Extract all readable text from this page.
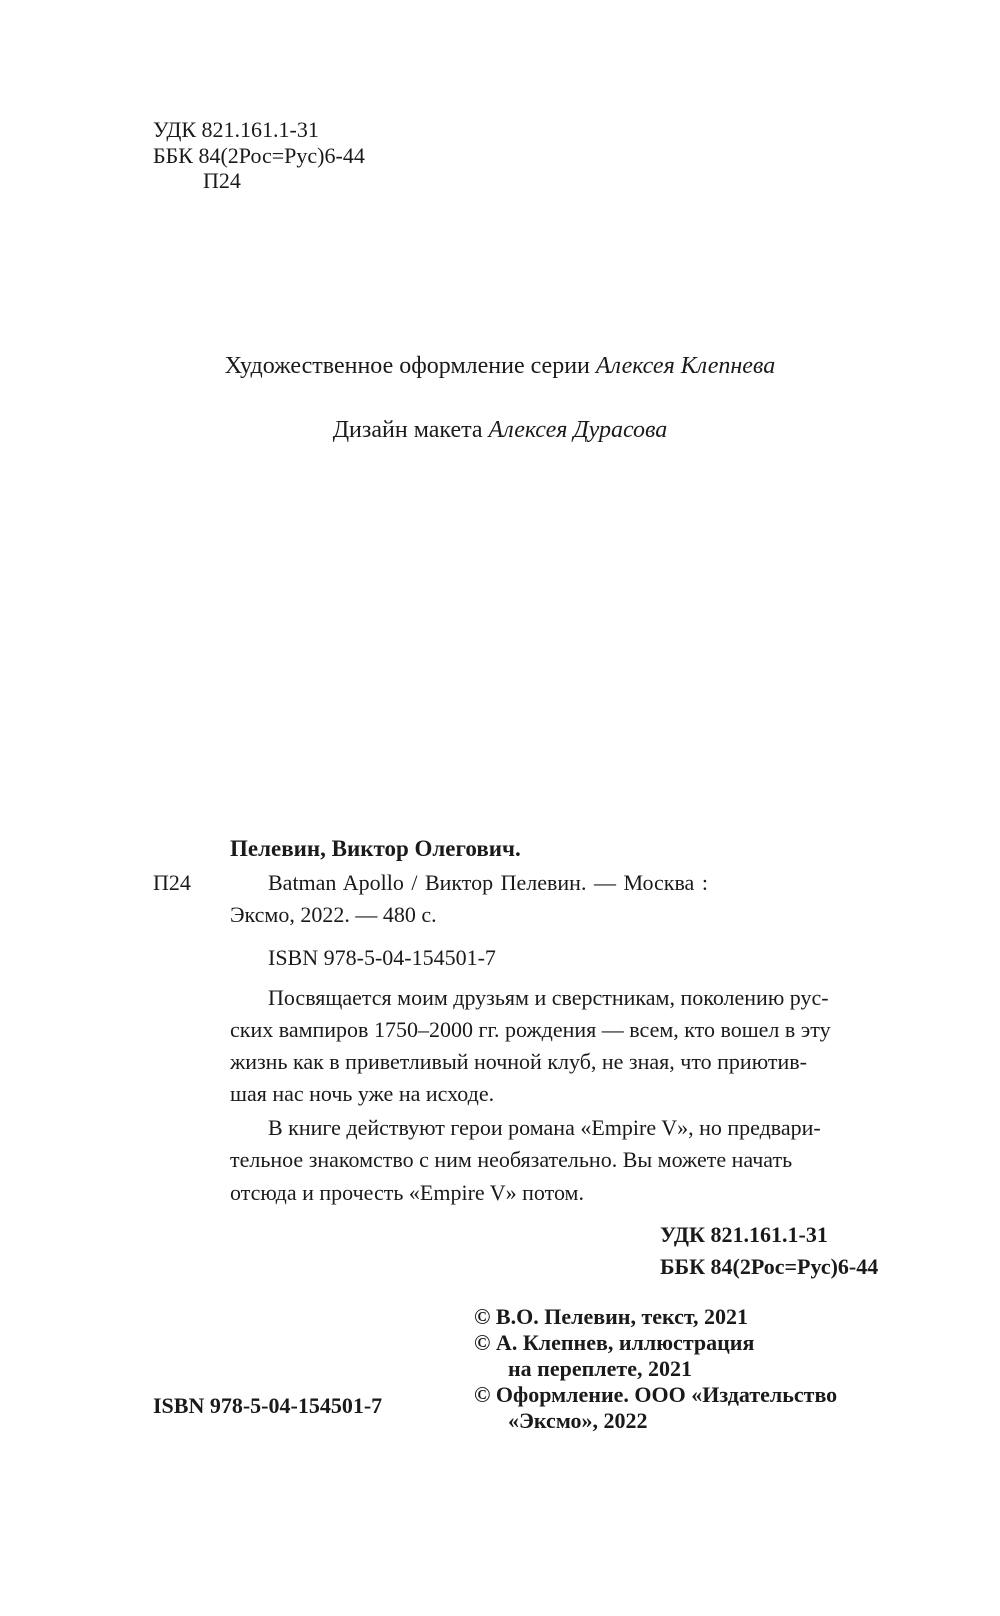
УДК 821.161.1-31
ББК 84(2Рос=Рус)6-44
П24
Художественное оформление серии Алексея Клепнева
Дизайн макета Алексея Дурасова
Пелевин, Виктор Олегович.
П24	Batman Apollo / Виктор Пелевин. — Москва :
Эксмо, 2022. — 480 с.
ISBN 978-5-04-154501-7
Посвящается моим друзьям и сверстникам, поколению рус-
ских вампиров 1750–2000 гг. рождения — всем, кто вошел в эту
жизнь как в приветливый ночной клуб, не зная, что приютив-
шая нас ночь уже на исходе.
В книге действуют герои романа «Empire V», но предвари-
тельное знакомство с ним необязательно. Вы можете начать
отсюда и прочесть «Empire V» потом.
УДК 821.161.1-31
ББК 84(2Рос=Рус)6-44
ISBN 978-5-04-154501-7
© В.О. Пелевин, текст, 2021
© А. Клепнев, иллюстрация
на переплете, 2021
© Оформление. ООО «Издательство
«Эксмо», 2022
